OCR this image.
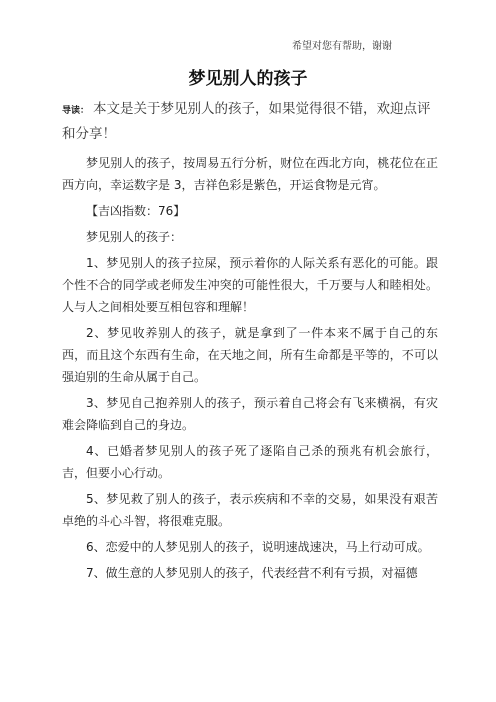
希望对您有帮助，谢谢
梦见别人的孩子
导读： 本文是关于梦见别人的孩子，如果觉得很不错，欢迎点评和分享！

梦见别人的孩子，按周易五行分析，财位在西北方向，桃花位在正西方向，幸运数字是 3，吉祥色彩是紫色，开运食物是元宵。

【吉凶指数：76】

梦见别人的孩子：

1、梦见别人的孩子拉屎，预示着你的人际关系有恶化的可能。跟个性不合的同学或老师发生冲突的可能性很大，千万要与人和睦相处。人与人之间相处要互相包容和理解！

2、梦见收养别人的孩子，就是拿到了一件本来不属于自己的东西，而且这个东西有生命，在天地之间，所有生命都是平等的，不可以强迫别的生命从属于自己。

3、梦见自己抱养别人的孩子，预示着自己将会有飞来横祸，有灾难会降临到自己的身边。

4、已婚者梦见别人的孩子死了逐陷自己杀的预兆有机会旅行，吉，但要小心行动。

5、梦见救了别人的孩子，表示疾病和不幸的交易，如果没有艰苦卓绝的斗心斗智，将很难克服。

6、恋爱中的人梦见别人的孩子，说明速战速决，马上行动可成。

7、做生意的人梦见别人的孩子，代表经营不利有亏损，对福德
